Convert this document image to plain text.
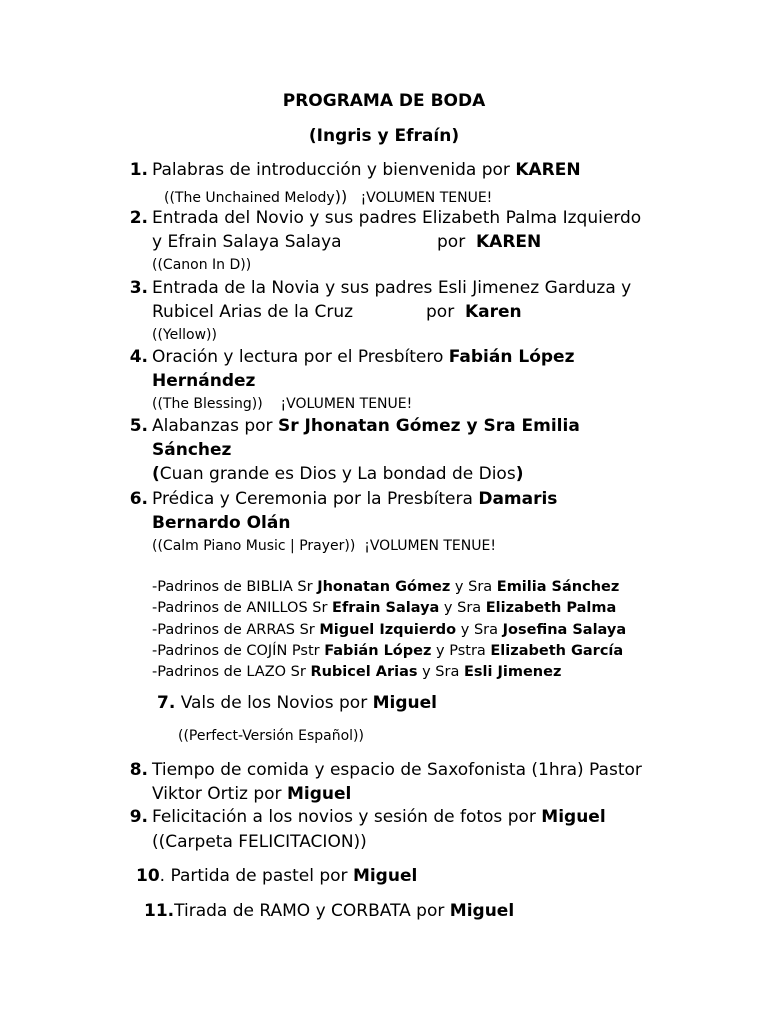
PROGRAMA DE BODA
(Ingris y Efraín)
1. Palabras de introducción y bienvenida por KAREN
((The Unchained Melody)) ¡VOLUMEN TENUE!
2. Entrada del Novio y sus padres Elizabeth Palma Izquierdo
y Efrain Salaya Salaya	por KAREN
((Canon In D))
3. Entrada de la Novia y sus padres Esli Jimenez Garduza y
Rubicel Arias de la Cruz	por Karen
((Yellow))
4. Oración y lectura por el Presbítero Fabián López
Hernández
((The Blessing)) ¡VOLUMEN TENUE!
5. Alabanzas por Sr Jhonatan Gómez y Sra Emilia
Sánchez
(Cuan grande es Dios y La bondad de Dios)
6. Prédica y Ceremonia por la Presbítera Damaris
Bernardo Olán
((Calm Piano Music | Prayer)) ¡VOLUMEN TENUE!
-Padrinos de BIBLIA Sr Jhonatan Gómez y Sra Emilia Sánchez
-Padrinos de ANILLOS Sr Efrain Salaya y Sra Elizabeth Palma
-Padrinos de ARRAS Sr Miguel Izquierdo y Sra Josefina Salaya
-Padrinos de COJÍN Pstr Fabián López y Pstra Elizabeth García
-Padrinos de LAZO Sr Rubicel Arias y Sra Esli Jimenez
7. Vals de los Novios por Miguel
((Perfect-Versión Español))
8. Tiempo de comida y espacio de Saxofonista (1hra) Pastor
Viktor Ortiz por Miguel
9. Felicitación a los novios y sesión de fotos por Miguel
((Carpeta FELICITACION))
10. Partida de pastel por Miguel
11.Tirada de RAMO y CORBATA por Miguel
